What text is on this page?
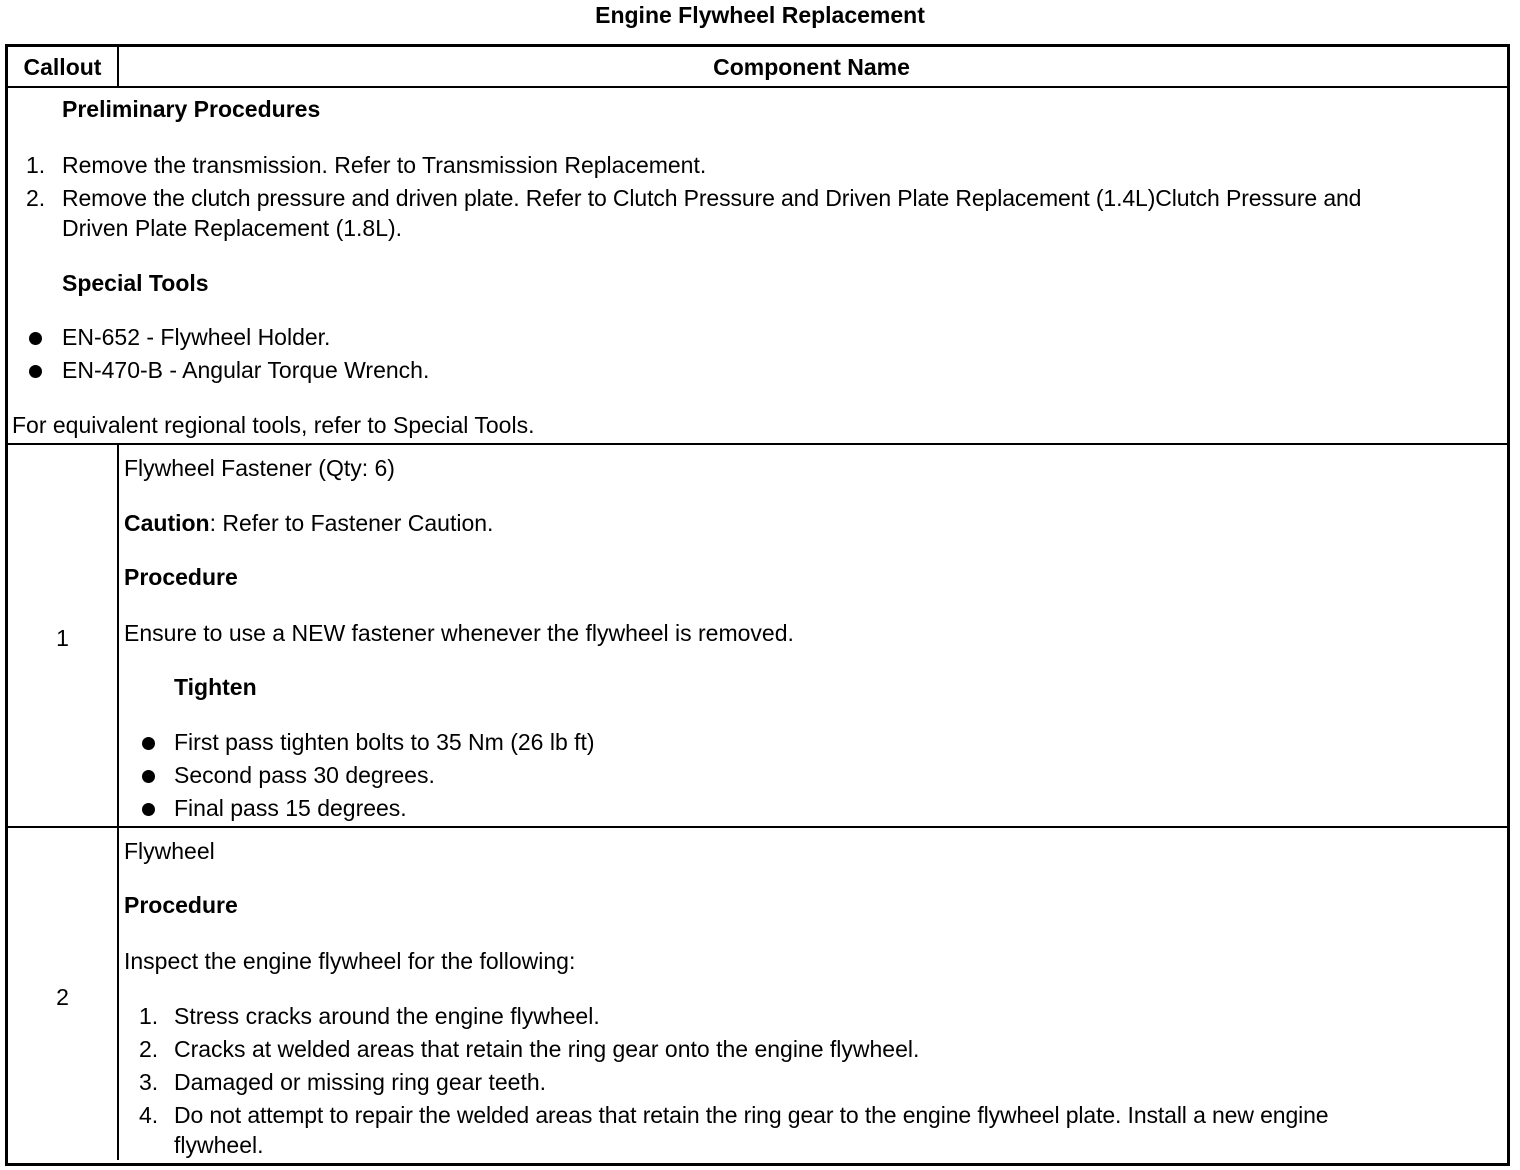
Engine Flywheel Replacement
Callout	Component Name
Preliminary Procedures
1. Remove the transmission. Refer to Transmission Replacement.
2. Remove the clutch pressure and driven plate. Refer to Clutch Pressure and Driven Plate Replacement (1.4L)Clutch Pressure and
Driven Plate Replacement (1.8L).
Special Tools
EN-652 - Flywheel Holder.
EN-470-B - Angular Torque Wrench.
For equivalent regional tools, refer to Special Tools.
1
Flywheel Fastener (Qty: 6)
Caution: Refer to Fastener Caution.
Procedure
Ensure to use a NEW fastener whenever the flywheel is removed.
Tighten
First pass tighten bolts to 35 Nm (26 lb ft)
Second pass 30 degrees.
Final pass 15 degrees.
2
Flywheel
Procedure
Inspect the engine flywheel for the following:
1. Stress cracks around the engine flywheel.
2. Cracks at welded areas that retain the ring gear onto the engine flywheel.
3. Damaged or missing ring gear teeth.
4. Do not attempt to repair the welded areas that retain the ring gear to the engine flywheel plate. Install a new engine
flywheel.
